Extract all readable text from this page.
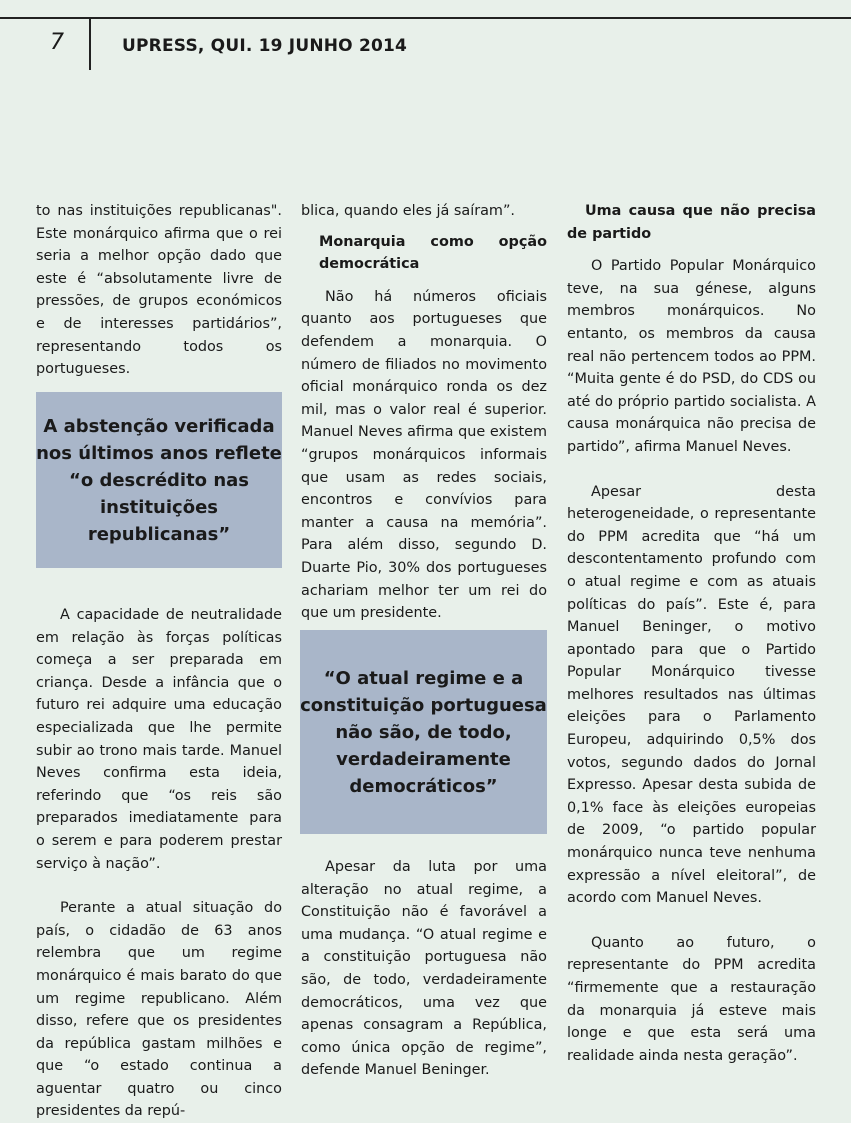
7	UPRESS, QUI. 19 JUNHO 2014

to nas instituições republicanas". Este monárquico afirma que o rei seria a melhor opção dado que este é “absolutamente livre de pressões, de grupos económicos e de interesses partidários”, representando todos os portugueses.

A abstenção verificada nos últimos anos reflete “o descrédito nas instituições republicanas”

A capacidade de neutralidade em relação às forças políticas começa a ser preparada em criança. Desde a infância que o futuro rei adquire uma educação especializada que lhe permite subir ao trono mais tarde. Manuel Neves confirma esta ideia, referindo que “os reis são preparados imediatamente para o serem e para poderem prestar serviço à nação”.

Perante a atual situação do país, o cidadão de 63 anos relembra que um regime monárquico é mais barato do que um regime republicano. Além disso, refere que os presidentes da república gastam milhões e que “o estado continua a aguentar quatro ou cinco presidentes da repú-

blica, quando eles já saíram”.

Monarquia como opção democrática

Não há números oficiais quanto aos portugueses que defendem a monarquia. O número de filiados no movimento oficial monárquico ronda os dez mil, mas o valor real é superior. Manuel Neves afirma que existem “grupos monárquicos informais que usam as redes sociais, encontros e convívios para manter a causa na memória”. Para além disso, segundo D. Duarte Pio, 30% dos portugueses achariam melhor ter um rei do que um presidente.

“O atual regime e a constituição portuguesa não são, de todo, verdadeiramente democráticos”

Apesar da luta por uma alteração no atual regime, a Constituição não é favorável a uma mudança. “O atual regime e a constituição portuguesa não são, de todo, verdadeiramente democráticos, uma vez que apenas consagram a República, como única opção de regime”, defende Manuel Beninger.

Uma causa que não precisa de partido

O Partido Popular Monárquico teve, na sua génese, alguns membros monárquicos. No entanto, os membros da causa real não pertencem todos ao PPM. “Muita gente é do PSD, do CDS ou até do próprio partido socialista. A causa monárquica não precisa de partido”, afirma Manuel Neves.

Apesar desta heterogeneidade, o representante do PPM acredita que “há um descontentamento profundo com o atual regime e com as atuais políticas do país”. Este é, para Manuel Beninger, o motivo apontado para que o Partido Popular Monárquico tivesse melhores resultados nas últimas eleições para o Parlamento Europeu, adquirindo 0,5% dos votos, segundo dados do Jornal Expresso. Apesar desta subida de 0,1% face às eleições europeias de 2009, “o partido popular monárquico nunca teve nenhuma expressão a nível eleitoral”, de acordo com Manuel Neves.

Quanto ao futuro, o representante do PPM acredita “firmemente que a restauração da monarquia já esteve mais longe e que esta será uma realidade ainda nesta geração”.
